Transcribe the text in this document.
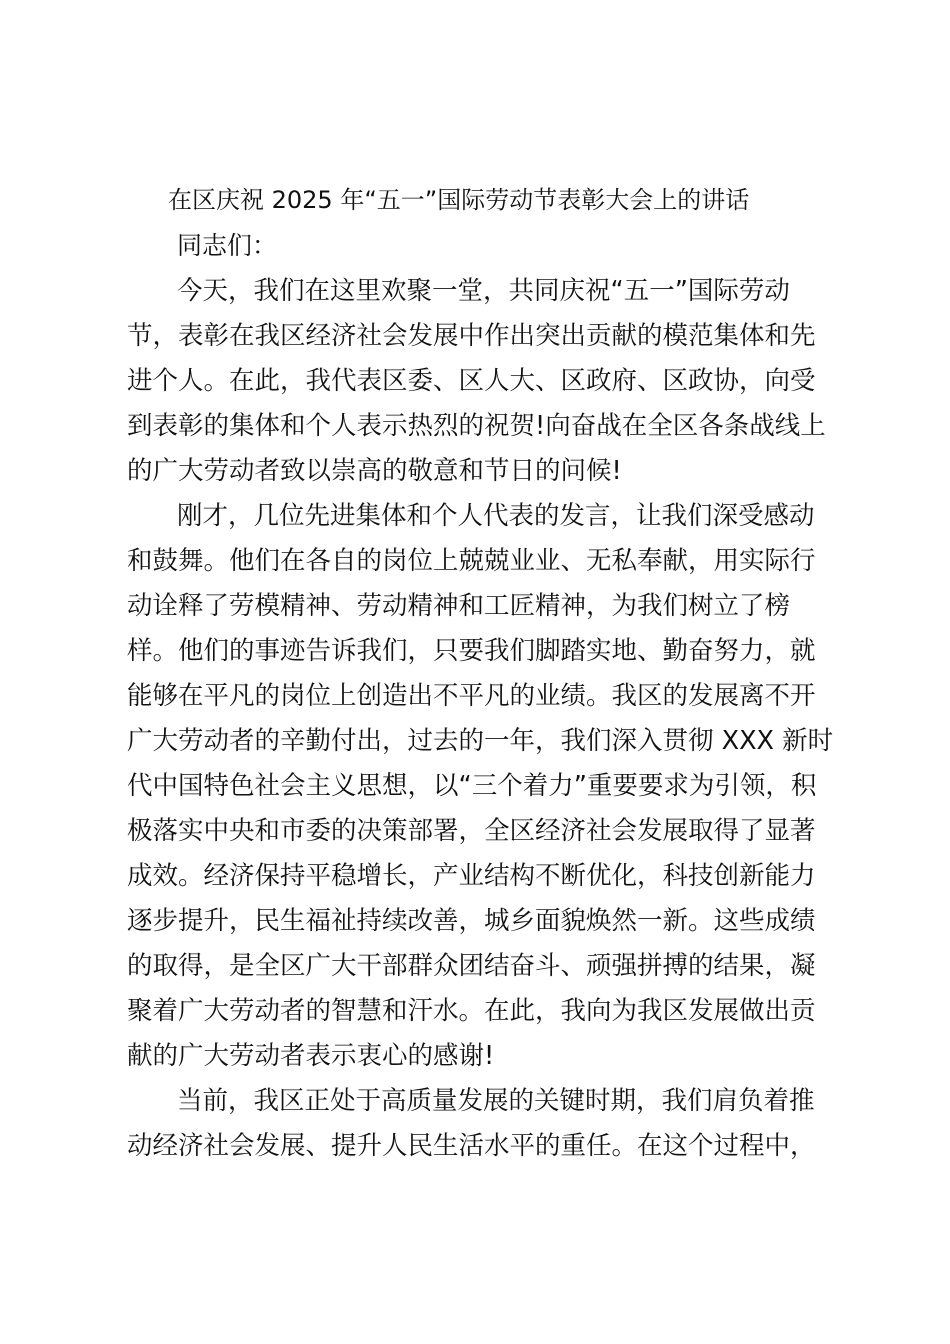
在区庆祝 2025 年“五一”国际劳动节表彰大会上的讲话
同志们：
今天，我们在这里欢聚一堂，共同庆祝“五一”国际劳动
节，表彰在我区经济社会发展中作出突出贡献的模范集体和先
进个人。在此，我代表区委、区人大、区政府、区政协，向受
到表彰的集体和个人表示热烈的祝贺!向奋战在全区各条战线上
的广大劳动者致以崇高的敬意和节日的问候!
刚才，几位先进集体和个人代表的发言，让我们深受感动
和鼓舞。他们在各自的岗位上兢兢业业、无私奉献，用实际行
动诠释了劳模精神、劳动精神和工匠精神，为我们树立了榜
样。他们的事迹告诉我们，只要我们脚踏实地、勤奋努力，就
能够在平凡的岗位上创造出不平凡的业绩。我区的发展离不开
广大劳动者的辛勤付出，过去的一年，我们深入贯彻 XXX 新时
代中国特色社会主义思想，以“三个着力”重要要求为引领，积
极落实中央和市委的决策部署，全区经济社会发展取得了显著
成效。经济保持平稳增长，产业结构不断优化，科技创新能力
逐步提升，民生福祉持续改善，城乡面貌焕然一新。这些成绩
的取得，是全区广大干部群众团结奋斗、顽强拼搏的结果，凝
聚着广大劳动者的智慧和汗水。在此，我向为我区发展做出贡
献的广大劳动者表示衷心的感谢!
当前，我区正处于高质量发展的关键时期，我们肩负着推
动经济社会发展、提升人民生活水平的重任。在这个过程中，
